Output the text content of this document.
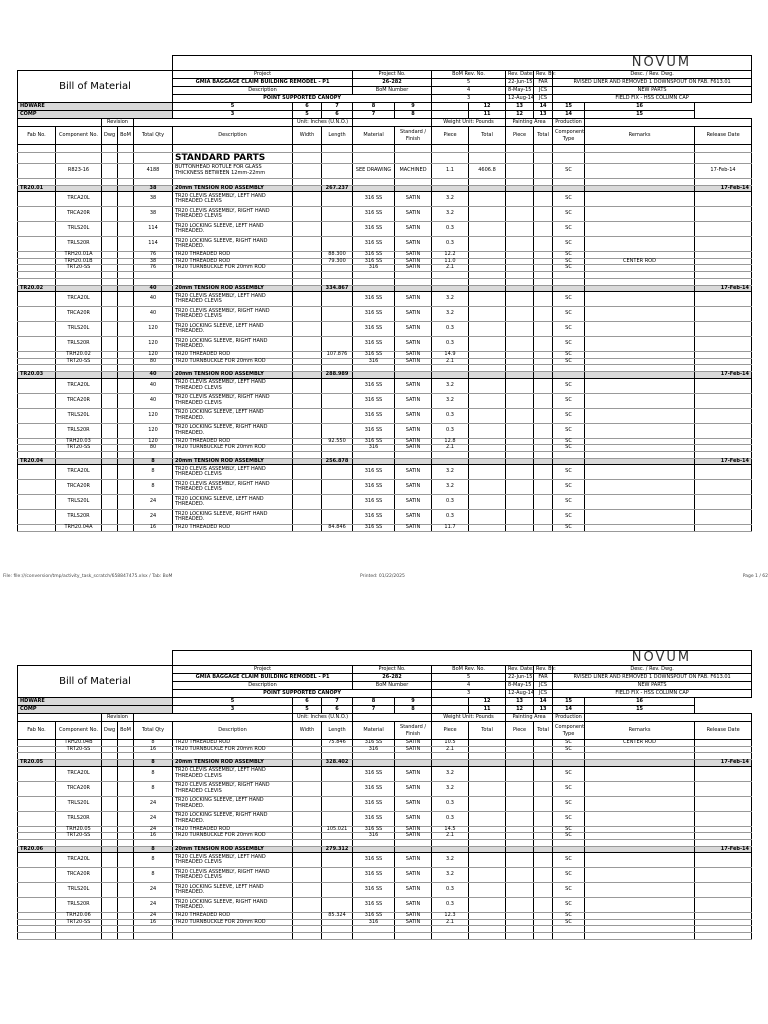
					NOVUM											
Bill of Material					Project			Project No.		BoM Rev. No.		Rev. Date:	Rev. By:	Desc. / Rev. Dwg.		
					GMIA BAGGAGE CLAIM BUILDING REMODEL - P1			26-282		5		22-Jun-15	FAR	RVISED LINER AND REMOVED 1 DOWNSPOUT ON FAB. F613.01		
					Description			BoM Number		4		8-May-15	JCS	NEW PARTS		
					POINT SUPPORTED CANOPY					3		12-Aug-14	JCS	FIELD FIX - HSS COLUMN CAP		
HDWARE					5	6	7	8	9		12	13	14	15	16	
COMP					3	5	6	7	8		11	12	13	14	15	
		Revision				Unit: Inches (U.N.O.)				Weight Unit: Pounds		Painting Area		Production		
Fab No.	Component No.	Dwg	BoM	Total Qty	Description	Width	Length	Material	Standard / Finish	Piece	Total	Piece	Total	Component Type	Remarks	Release Date

					STANDARD PARTS											
	R823-16			4188	BUTTONHEAD ROTULE FOR GLASS THICKNESS BETWEEN 12mm-22mm			SEE DRAWING	MACHINED	1.1	4606.8			SC		17-Feb-14

TR20.01				38	20mm TENSION ROD ASSEMBLY		267.237									17-Feb-14
	TRCA20L			38	TR20 CLEVIS ASSEMBLY, LEFT HAND THREADED CLEVIS			316 SS	SATIN	3.2				SC		
	TRCA20R			38	TR20 CLEVIS ASSEMBLY, RIGHT HAND THREADED CLEVIS			316 SS	SATIN	3.2				SC		
	TRLS20L			114	TR20 LOCKING SLEEVE, LEFT HAND THREADED.			316 SS	SATIN	0.3				SC		
	TRLS20R			114	TR20 LOCKING SLEEVE, RIGHT HAND THREADED.			316 SS	SATIN	0.3				SC		
	TRH20.01A			76	TR20 THREADED ROD		88.300	316 SS	SATIN	12.2				SC		
	TRH20.01B			38	TR20 THREADED ROD		79.300	316 SS	SATIN	11.0				SC	CENTER ROD	
	TRT20-SS			76	TR20 TURNBUCKLE FOR 20mm ROD			316	SATIN	2.1				SC		

TR20.02				40	20mm TENSION ROD ASSEMBLY		334.867									17-Feb-14
	TRCA20L			40	TR20 CLEVIS ASSEMBLY, LEFT HAND THREADED CLEVIS			316 SS	SATIN	3.2				SC		
	TRCA20R			40	TR20 CLEVIS ASSEMBLY, RIGHT HAND THREADED CLEVIS			316 SS	SATIN	3.2				SC		
	TRLS20L			120	TR20 LOCKING SLEEVE, LEFT HAND THREADED.			316 SS	SATIN	0.3				SC		
	TRLS20R			120	TR20 LOCKING SLEEVE, RIGHT HAND THREADED.			316 SS	SATIN	0.3				SC		
	TRH20.02			120	TR20 THREADED ROD		107.876	316 SS	SATIN	14.9				SC		
	TRT20-SS			80	TR20 TURNBUCKLE FOR 20mm ROD			316	SATIN	2.1				SC		

TR20.03				40	20mm TENSION ROD ASSEMBLY		288.989									17-Feb-14
	TRCA20L			40	TR20 CLEVIS ASSEMBLY, LEFT HAND THREADED CLEVIS			316 SS	SATIN	3.2				SC		
	TRCA20R			40	TR20 CLEVIS ASSEMBLY, RIGHT HAND THREADED CLEVIS			316 SS	SATIN	3.2				SC		
	TRLS20L			120	TR20 LOCKING SLEEVE, LEFT HAND THREADED.			316 SS	SATIN	0.3				SC		
	TRLS20R			120	TR20 LOCKING SLEEVE, RIGHT HAND THREADED.			316 SS	SATIN	0.3				SC		
	TRH20.03			120	TR20 THREADED ROD		92.550	316 SS	SATIN	12.8				SC		
	TRT20-SS			80	TR20 TURNBUCKLE FOR 20mm ROD			316	SATIN	2.1				SC		

TR20.04				8	20mm TENSION ROD ASSEMBLY		256.878									17-Feb-14
	TRCA20L			8	TR20 CLEVIS ASSEMBLY, LEFT HAND THREADED CLEVIS			316 SS	SATIN	3.2				SC		
	TRCA20R			8	TR20 CLEVIS ASSEMBLY, RIGHT HAND THREADED CLEVIS			316 SS	SATIN	3.2				SC		
	TRLS20L			24	TR20 LOCKING SLEEVE, LEFT HAND THREADED.			316 SS	SATIN	0.3				SC		
	TRLS20R			24	TR20 LOCKING SLEEVE, RIGHT HAND THREADED.			316 SS	SATIN	0.3				SC		
	TRH20.04A			16	TR20 THREADED ROD		84.846	316 SS	SATIN	11.7				SC		
File: file:///conversion/tmp/activity_task_scratch/658847475.xlsx / Tab: BoM	Printed: 01/22/2025	Page 1 / 62
					NOVUM											
Bill of Material					Project			Project No.		BoM Rev. No.		Rev. Date:	Rev. By:	Desc. / Rev. Dwg.		
					GMIA BAGGAGE CLAIM BUILDING REMODEL - P1			26-282		5		22-Jun-15	FAR	RVISED LINER AND REMOVED 1 DOWNSPOUT ON FAB. F613.01		
					Description			BoM Number		4		8-May-15	JCS	NEW PARTS		
					POINT SUPPORTED CANOPY					3		12-Aug-14	JCS	FIELD FIX - HSS COLUMN CAP		
HDWARE					5	6	7	8	9		12	13	14	15	16	
COMP					3	5	6	7	8		11	12	13	14	15	
		Revision				Unit: Inches (U.N.O.)				Weight Unit: Pounds		Painting Area		Production		
Fab No.	Component No.	Dwg	BoM	Total Qty	Description	Width	Length	Material	Standard / Finish	Piece	Total	Piece	Total	Component Type	Remarks	Release Date
	TRH20.04B			8	TR20 THREADED ROD		75.846	316 SS	SATIN	10.5				SC	CENTER ROD	
	TRT20-SS			16	TR20 TURNBUCKLE FOR 20mm ROD			316	SATIN	2.1				SC		

TR20.05				8	20mm TENSION ROD ASSEMBLY		328.402									17-Feb-14
	TRCA20L			8	TR20 CLEVIS ASSEMBLY, LEFT HAND THREADED CLEVIS			316 SS	SATIN	3.2				SC		
	TRCA20R			8	TR20 CLEVIS ASSEMBLY, RIGHT HAND THREADED CLEVIS			316 SS	SATIN	3.2				SC		
	TRLS20L			24	TR20 LOCKING SLEEVE, LEFT HAND THREADED.			316 SS	SATIN	0.3				SC		
	TRLS20R			24	TR20 LOCKING SLEEVE, RIGHT HAND THREADED.			316 SS	SATIN	0.3				SC		
	TRH20.05			24	TR20 THREADED ROD		105.021	316 SS	SATIN	14.5				SC		
	TRT20-SS			16	TR20 TURNBUCKLE FOR 20mm ROD			316	SATIN	2.1				SC		

TR20.06				8	20mm TENSION ROD ASSEMBLY		279.312									17-Feb-14
	TRCA20L			8	TR20 CLEVIS ASSEMBLY, LEFT HAND THREADED CLEVIS			316 SS	SATIN	3.2				SC		
	TRCA20R			8	TR20 CLEVIS ASSEMBLY, RIGHT HAND THREADED CLEVIS			316 SS	SATIN	3.2				SC		
	TRLS20L			24	TR20 LOCKING SLEEVE, LEFT HAND THREADED.			316 SS	SATIN	0.3				SC		
	TRLS20R			24	TR20 LOCKING SLEEVE, RIGHT HAND THREADED.			316 SS	SATIN	0.3				SC		
	TRH20.06			24	TR20 THREADED ROD		85.324	316 SS	SATIN	12.3				SC		
	TRT20-SS			16	TR20 TURNBUCKLE FOR 20mm ROD			316	SATIN	2.1				SC		
